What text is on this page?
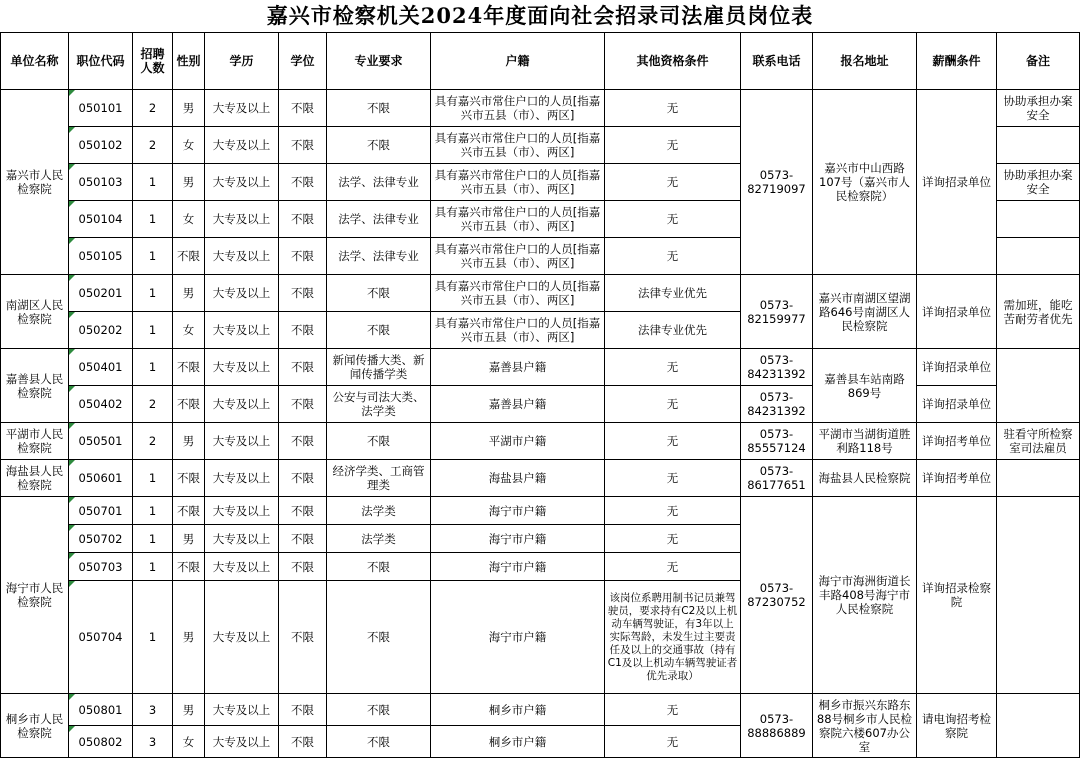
嘉兴市检察机关2024年度面向社会招录司法雇员岗位表
单位名称	职位代码	招聘人数	性别	学历	学位	专业要求	户籍	其他资格条件	联系电话	报名地址	薪酬条件	备注
嘉兴市人民检察院	050101	2	男	大专及以上	不限	不限	具有嘉兴市常住户口的人员[指嘉兴市五县（市）、两区]	无	0573-82719097	嘉兴市中山西路107号（嘉兴市人民检察院）	详询招录单位	协助承担办案安全
	050102	2	女	大专及以上	不限	不限	具有嘉兴市常住户口的人员[指嘉兴市五县（市）、两区]	无				
	050103	1	男	大专及以上	不限	法学、法律专业	具有嘉兴市常住户口的人员[指嘉兴市五县（市）、两区]	无				协助承担办案安全
	050104	1	女	大专及以上	不限	法学、法律专业	具有嘉兴市常住户口的人员[指嘉兴市五县（市）、两区]	无				
	050105	1	不限	大专及以上	不限	法学、法律专业	具有嘉兴市常住户口的人员[指嘉兴市五县（市）、两区]	无				
南湖区人民检察院	050201	1	男	大专及以上	不限	不限	具有嘉兴市常住户口的人员[指嘉兴市五县（市）、两区]	法律专业优先	0573-82159977	嘉兴市南湖区望湖路646号南湖区人民检察院	详询招录单位	需加班，能吃苦耐劳者优先
	050202	1	女	大专及以上	不限	不限	具有嘉兴市常住户口的人员[指嘉兴市五县（市）、两区]	法律专业优先				
嘉善县人民检察院	050401	1	不限	大专及以上	不限	新闻传播大类、新闻传播学类	嘉善县户籍	无	0573-84231392	嘉善县车站南路869号	详询招录单位	
	050402	2	不限	大专及以上	不限	公安与司法大类、法学类	嘉善县户籍	无	0573-84231392		详询招录单位	
平湖市人民检察院	050501	2	男	大专及以上	不限	不限	平湖市户籍	无	0573-85557124	平湖市当湖街道胜利路118号	详询招考单位	驻看守所检察室司法雇员
海盐县人民检察院	050601	1	不限	大专及以上	不限	经济学类、工商管理类	海盐县户籍	无	0573-86177651	海盐县人民检察院	详询招考单位	
海宁市人民检察院	050701	1	不限	大专及以上	不限	法学类	海宁市户籍	无	0573-87230752	海宁市海洲街道长丰路408号海宁市人民检察院	详询招录检察院	
	050702	1	男	大专及以上	不限	法学类	海宁市户籍	无				
	050703	1	不限	大专及以上	不限	不限	海宁市户籍	无				
	050704	1	男	大专及以上	不限	不限	海宁市户籍	该岗位系聘用制书记员兼驾驶员，要求持有C2及以上机动车辆驾驶证，有3年以上实际驾龄，未发生过主要责任及以上的交通事故（持有C1及以上机动车辆驾驶证者优先录取）				
桐乡市人民检察院	050801	3	男	大专及以上	不限	不限	桐乡市户籍	无	0573-88886889	桐乡市振兴东路东88号桐乡市人民检察院六楼607办公室	请电询招考检察院	
	050802	3	女	大专及以上	不限	不限	桐乡市户籍	无				
